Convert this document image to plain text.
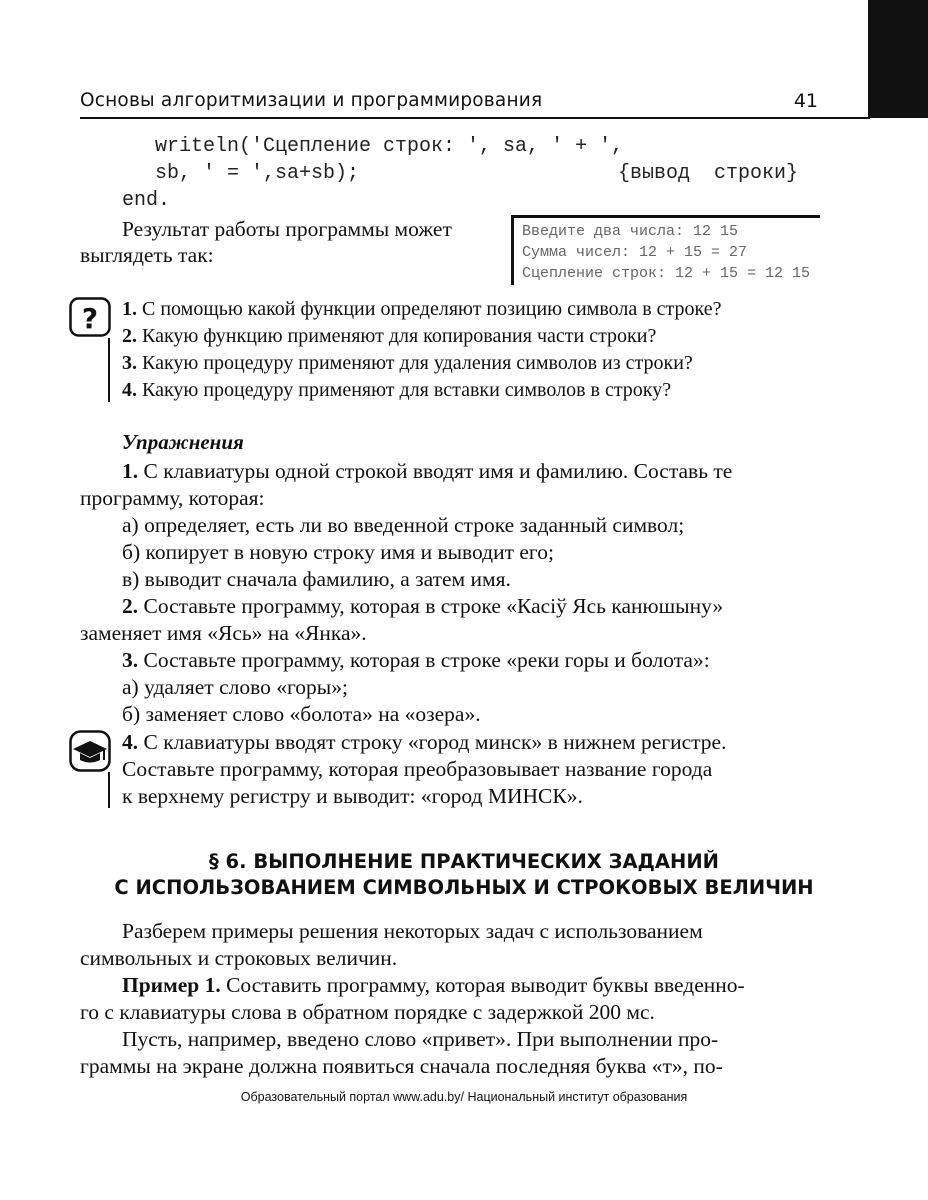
Основы алгоритмизации и программирования	41
writeln('Сцепление строк: ', sa, ' + ',
sb, ' = ',sa+sb);	{вывод  строки}
end.
Результат работы программы может
выглядеть так:
Введите два числа: 12 15
Сумма чисел: 12 + 15 = 27
Сцепление строк: 12 + 15 = 12 15
? 1. С помощью какой функции определяют позицию символа в строке?
2. Какую функцию применяют для копирования части строки?
3. Какую процедуру применяют для удаления символов из строки?
4. Какую процедуру применяют для вставки символов в строку?
Упражнения
1. С клавиатуры одной строкой вводят имя и фамилию. Составь те
программу, которая:
а) определяет, есть ли во введенной строке заданный символ;
б) копирует в новую строку имя и выводит его;
в) выводит сначала фамилию, а затем имя.
2. Составьте программу, которая в строке «Касіў Ясь канюшыну»
заменяет имя «Ясь» на «Янка».
3. Составьте программу, которая в строке «реки горы и болота»:
а) удаляет слово «горы»;
б) заменяет слово «болота» на «озера».
4. С клавиатуры вводят строку «город минск» в нижнем регистре.
Составьте программу, которая преобразовывает название города
к верхнему регистру и выводит: «город МИНСК».
§ 6. ВЫПОЛНЕНИЕ ПРАКТИЧЕСКИХ ЗАДАНИЙ
С ИСПОЛЬЗОВАНИЕМ СИМВОЛЬНЫХ И СТРОКОВЫХ ВЕЛИЧИН
Разберем примеры решения некоторых задач с использованием
символьных и строковых величин.
Пример 1. Составить программу, которая выводит буквы введенно-
го с клавиатуры слова в обратном порядке с задержкой 200 мс.
Пусть, например, введено слово «привет». При выполнении про-
граммы на экране должна появиться сначала последняя буква «т», по-
Образовательный портал www.adu.by/ Национальный институт образования
